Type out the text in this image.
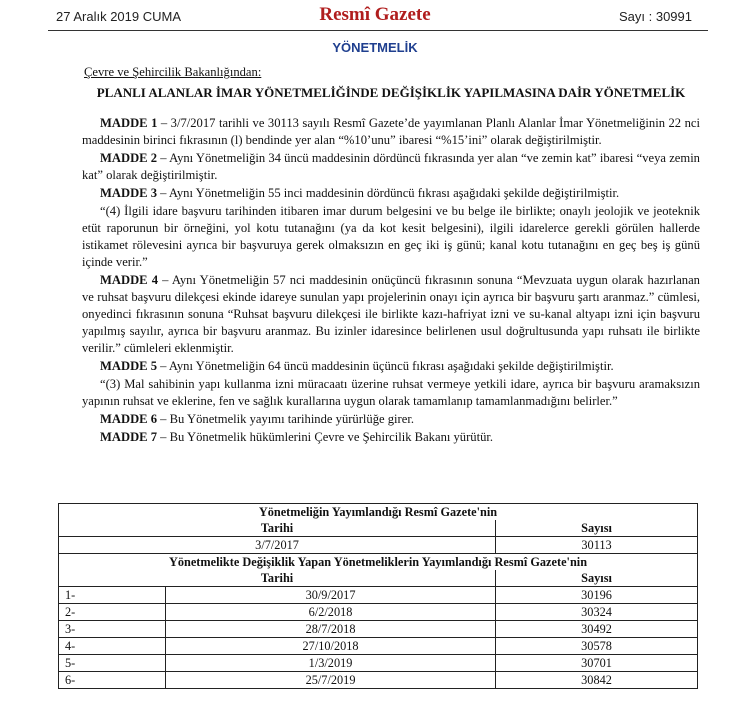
27 Aralık 2019 CUMA	Resmî Gazete	Sayı : 30991
YÖNETMELİK
Çevre ve Şehircilik Bakanlığından:
PLANLI ALANLAR İMAR YÖNETMELİĞİNDE DEĞİŞİKLİK YAPILMASINA DAİR YÖNETMELİK
MADDE 1 – 3/7/2017 tarihli ve 30113 sayılı Resmî Gazete’de yayımlanan Planlı Alanlar İmar Yönetmeliğinin 22 nci maddesinin birinci fıkrasının (l) bendinde yer alan “%10’unu” ibaresi “%15’ini” olarak değiştirilmiştir.
MADDE 2 – Aynı Yönetmeliğin 34 üncü maddesinin dördüncü fıkrasında yer alan “ve zemin kat” ibaresi “veya zemin kat” olarak değiştirilmiştir.
MADDE 3 – Aynı Yönetmeliğin 55 inci maddesinin dördüncü fıkrası aşağıdaki şekilde değiştirilmiştir.
“(4) İlgili idare başvuru tarihinden itibaren imar durum belgesini ve bu belge ile birlikte; onaylı jeolojik ve jeoteknik etüt raporunun bir örneğini, yol kotu tutanağını (ya da kot kesit belgesini), ilgili idarelerce gerekli görülen hallerde istikamet rölevesini ayrıca bir başvuruya gerek olmaksızın en geç iki iş günü; kanal kotu tutanağını en geç beş iş günü içinde verir.”
MADDE 4 – Aynı Yönetmeliğin 57 nci maddesinin onüçüncü fıkrasının sonuna “Mevzuata uygun olarak hazırlanan ve ruhsat başvuru dilekçesi ekinde idareye sunulan yapı projelerinin onayı için ayrıca bir başvuru şartı aranmaz.” cümlesi, onyedinci fıkrasının sonuna “Ruhsat başvuru dilekçesi ile birlikte kazı-hafriyat izni ve su-kanal altyapı izni için başvuru yapılmış sayılır, ayrıca bir başvuru aranmaz. Bu izinler idaresince belirlenen usul doğrultusunda yapı ruhsatı ile birlikte verilir.” cümleleri eklenmiştir.
MADDE 5 – Aynı Yönetmeliğin 64 üncü maddesinin üçüncü fıkrası aşağıdaki şekilde değiştirilmiştir.
“(3) Mal sahibinin yapı kullanma izni müracaatı üzerine ruhsat vermeye yetkili idare, ayrıca bir başvuru aramaksızın yapının ruhsat ve eklerine, fen ve sağlık kurallarına uygun olarak tamamlanıp tamamlanmadığını belirler.”
MADDE 6 – Bu Yönetmelik yayımı tarihinde yürürlüğe girer.
MADDE 7 – Bu Yönetmelik hükümlerini Çevre ve Şehircilik Bakanı yürütür.
Yönetmeliğin Yayımlandığı Resmî Gazete'nin		
Tarihi		Sayısı
3/7/2017		30113
Yönetmelikte Değişiklik Yapan Yönetmeliklerin Yayımlandığı Resmî Gazete'nin		
Tarihi		Sayısı
1-	30/9/2017	30196
2-	6/2/2018	30324
3-	28/7/2018	30492
4-	27/10/2018	30578
5-	1/3/2019	30701
6-	25/7/2019	30842
